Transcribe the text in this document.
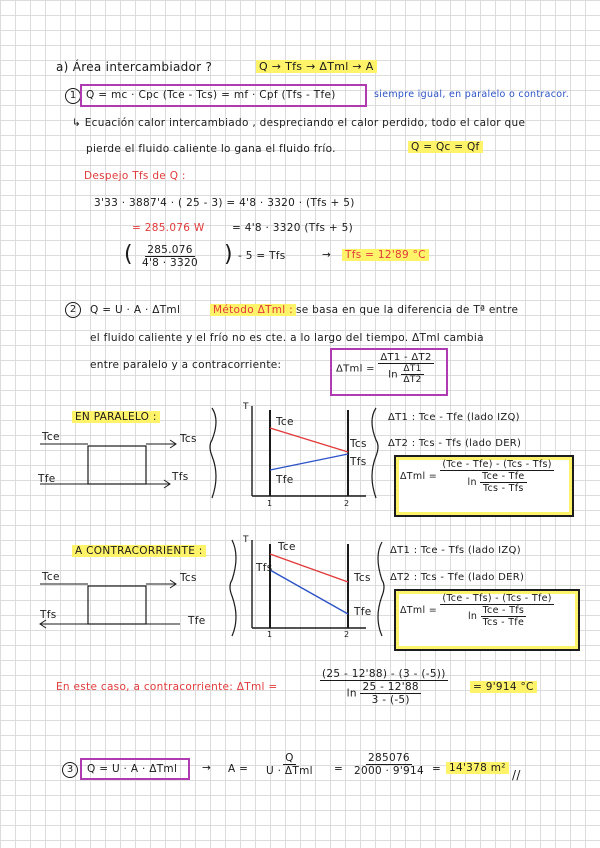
a) Área intercambiador ?	Q → Tfs → ΔTml → A
1 Q = mc · Cpc (Tce - Tcs) = mf · Cpf (Tfs - Tfe)	siempre igual, en paralelo o contracor.
↳ Ecuación calor intercambiado , despreciando el calor perdido, todo el calor que
pierde el fluido caliente lo gana el fluido frío.	Q = Qc = Qf
Despejo Tfs de Q :
3'33 · 3887'4 · ( 25 - 3) = 4'8 · 3320 · (Tfs + 5)
= 285.076 W	= 4'8 · 3320 (Tfs + 5)
( $\frac{285.076}{4'8 \cdot 3320}$ ) - 5 = Tfs	→ Tfs = 12'89 °C
2	Q = U · A · ΔTml	Método ΔTml : se basa en que la diferencia de Tª entre
el fluido caliente y el frío no es cte. a lo largo del tiempo. ΔTml cambia
entre paralelo y a contracorriente:	$\Delta Tml = \frac{\Delta T1 - \Delta T2}{\ln \frac{\Delta T1}{\Delta T2}}$
EN PARALELO :
Tce	Tcs
Tfe	Tfs
T
Tce
Tcs
Tfs
Tfe
1	2
ΔT1 : Tce - Tfe (lado IZQ)
ΔT2 : Tcs - Tfs (lado DER)
$\Delta Tml = \frac{\text{(Tce - Tfe) - (Tcs - Tfs)}}{\ln \frac{\text{Tce - Tfe}}{\text{Tcs - Tfs}}}$
A CONTRACORRIENTE :
Tce	Tcs
Tfs	Tfe
T
Tce
Tfs
Tcs
Tfe
1	2
ΔT1 : Tce - Tfs (lado IZQ)
ΔT2 : Tcs - Tfe (lado DER)
$\Delta Tml = \frac{\text{(Tce - Tfs) - (Tcs - Tfe)}}{\ln \frac{\text{Tce - Tfs}}{\text{Tcs - Tfe}}}$
En este caso, a contracorriente: ΔTml =	$\frac{(25 - 12'88) - (3 - (-5))}{\ln \frac{25 - 12'88}{3 - (-5)}} = 9'914$ °C
3	$Q = U \cdot A \cdot \Delta Tml \to A = \frac{Q}{\text{U · ΔTml}} = \frac{285076}{2000 \cdot 9'914} = 14'378$ m² //
